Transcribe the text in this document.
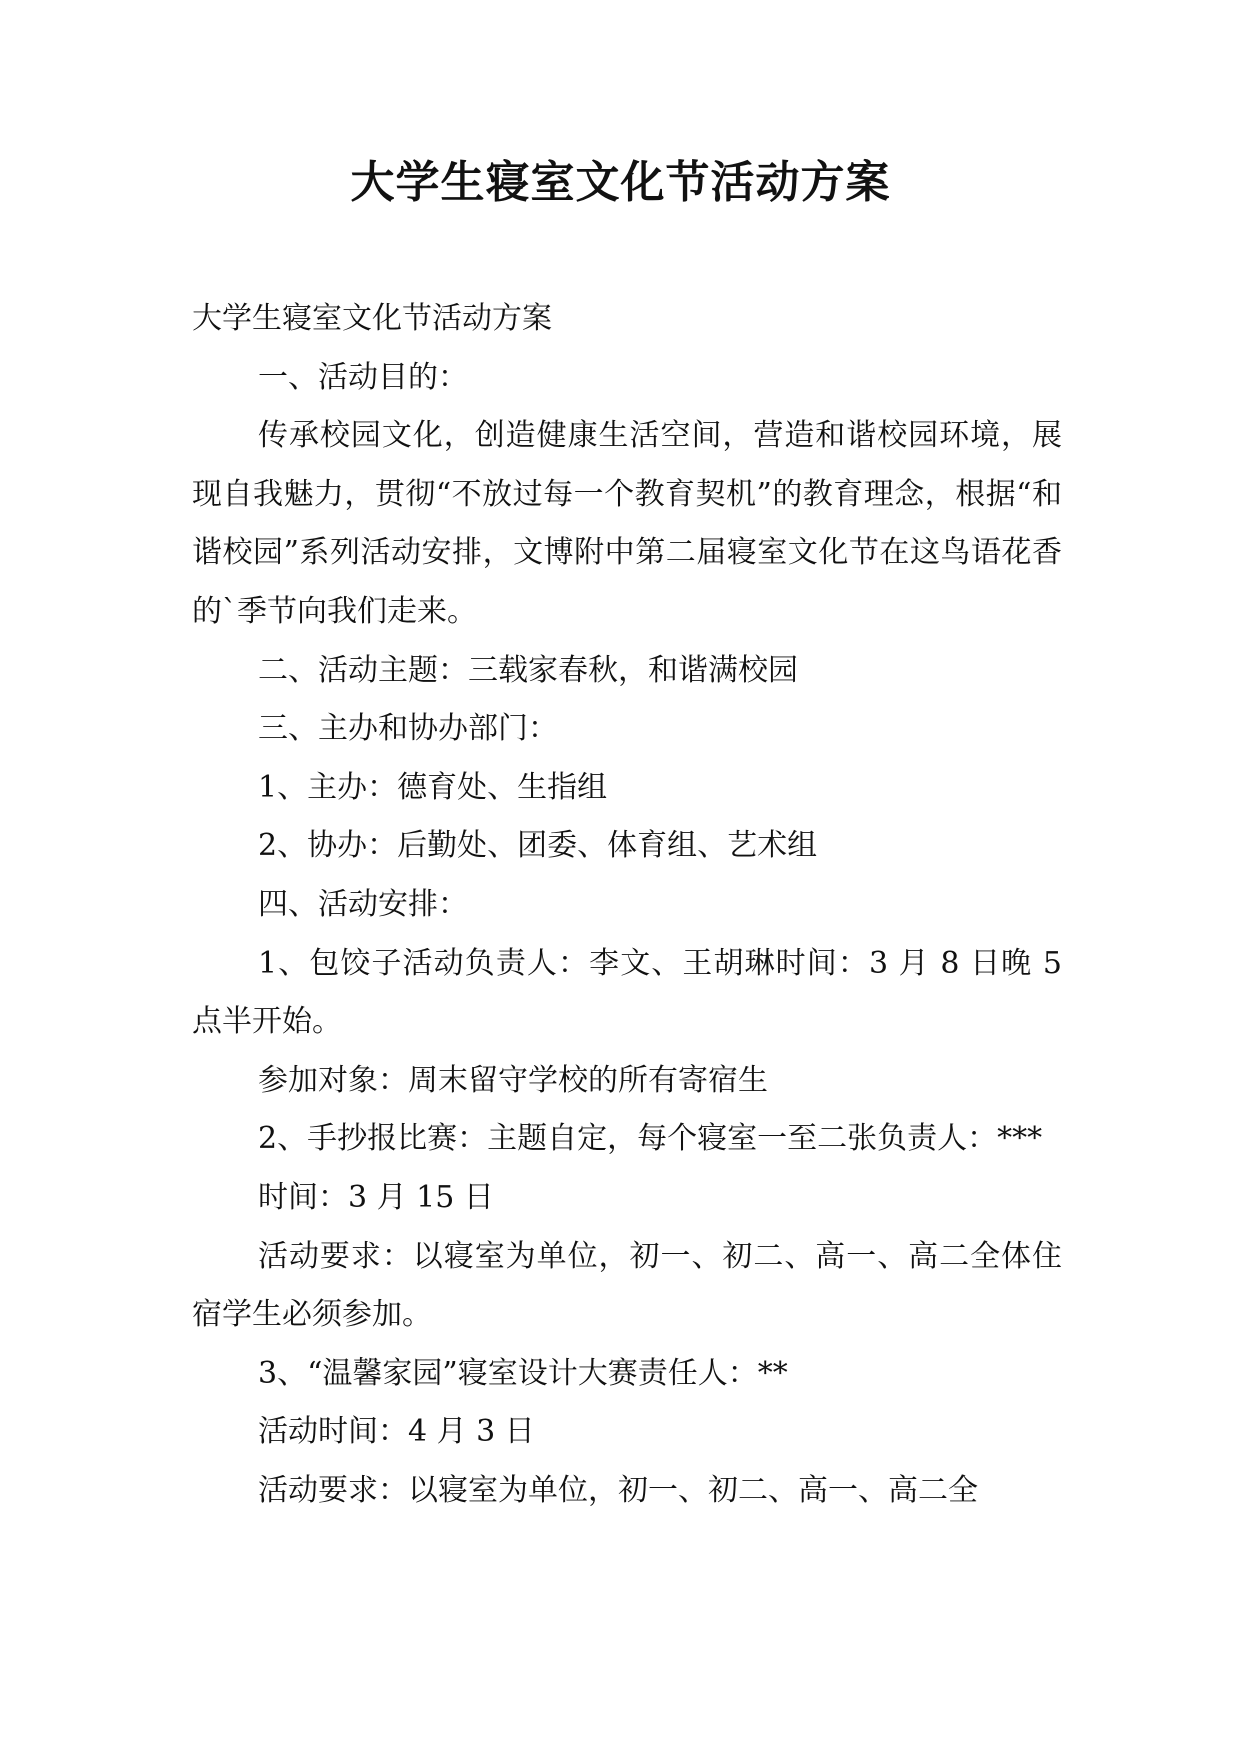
大学生寝室文化节活动方案

大学生寝室文化节活动方案

一、活动目的：

传承校园文化，创造健康生活空间，营造和谐校园环境，展现自我魅力，贯彻“不放过每一个教育契机”的教育理念，根据“和谐校园”系列活动安排，文博附中第二届寝室文化节在这鸟语花香的`季节向我们走来。

二、活动主题：三载家春秋，和谐满校园

三、主办和协办部门：

1、主办：德育处、生指组

2、协办：后勤处、团委、体育组、艺术组

四、活动安排：

1、包饺子活动负责人：李文、王胡琳时间：3 月 8 日晚 5 点半开始。

参加对象：周末留守学校的所有寄宿生

2、手抄报比赛：主题自定，每个寝室一至二张负责人：***

时间：3 月 15 日

活动要求：以寝室为单位，初一、初二、高一、高二全体住宿学生必须参加。

3、“温馨家园”寝室设计大赛责任人：**

活动时间：4 月 3 日

活动要求：以寝室为单位，初一、初二、高一、高二全
